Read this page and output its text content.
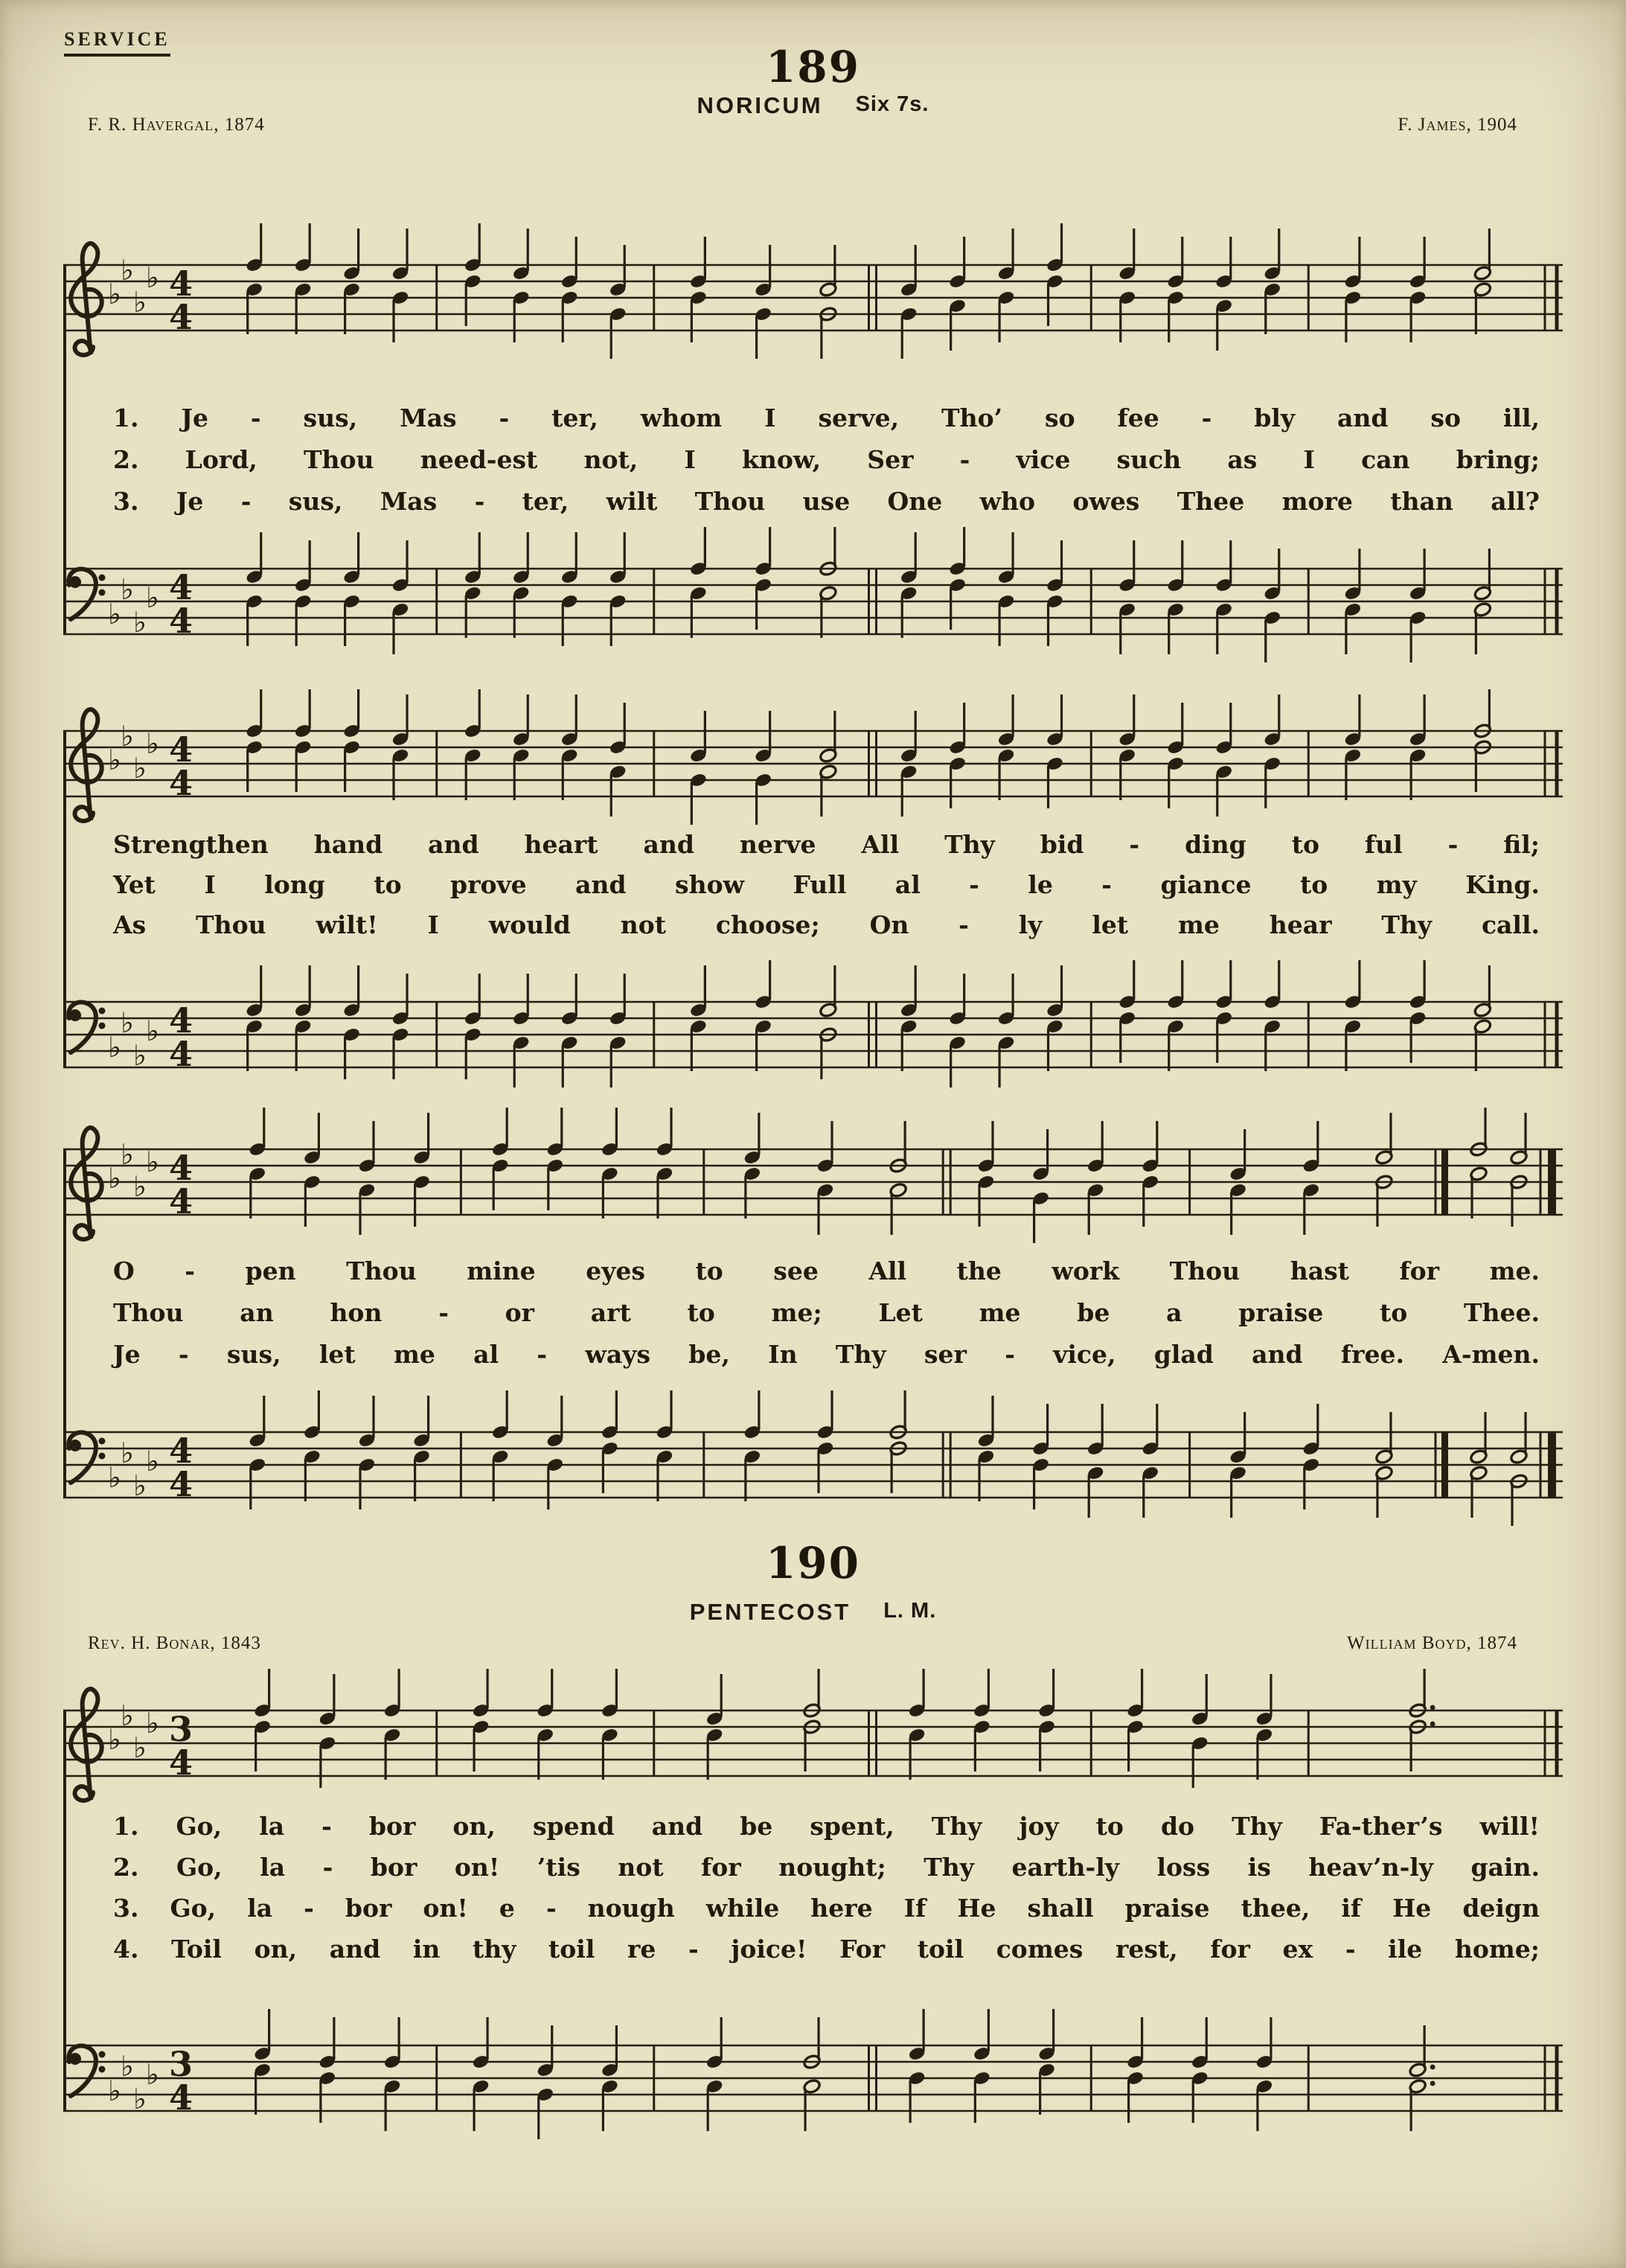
SERVICE
189
NORICUM Six 7s.
F. R. Havergal, 1874	F. James, 1904
♭
♭
♭
♭ 4
4
1. Je - sus, Mas - ter, whom I serve, Tho’ so fee - bly and so ill,
2. Lord, Thou need-est not, I know, Ser - vice such as I can bring;
3. Je - sus, Mas - ter, wilt Thou use One who owes Thee more than all?
♭
♭
♭
♭ 4
4
♭
♭
♭
♭ 4
4
Strengthen hand and heart and nerve All Thy bid - ding to ful - fil;
Yet I long to prove and show Full al - le - giance to my King.
As Thou wilt! I would not choose; On - ly let me hear Thy call.
♭
♭
♭
♭ 4
4
♭
♭
♭
♭ 4
4
O - pen Thou mine eyes to see All the work Thou hast for me.
Thou an hon - or art to me; Let me be a praise to Thee.
Je - sus, let me al - ways be, In Thy ser - vice, glad and free. A-men.
♭
♭
♭
♭ 4
4
190
PENTECOST L. M.
Rev. H. Bonar, 1843	William Boyd, 1874
♭
♭
♭
♭ 3
4
1. Go, la - bor on, spend and be spent, Thy joy to do Thy Fa-ther’s will!
2. Go, la - bor on! ’tis not for nought; Thy earth-ly loss is heav’n-ly gain.
3. Go, la - bor on! e - nough while here If He shall praise thee, if He deign
4. Toil on, and in thy toil re - joice! For toil comes rest, for ex - ile home;
♭
♭
♭
♭ 3
4
